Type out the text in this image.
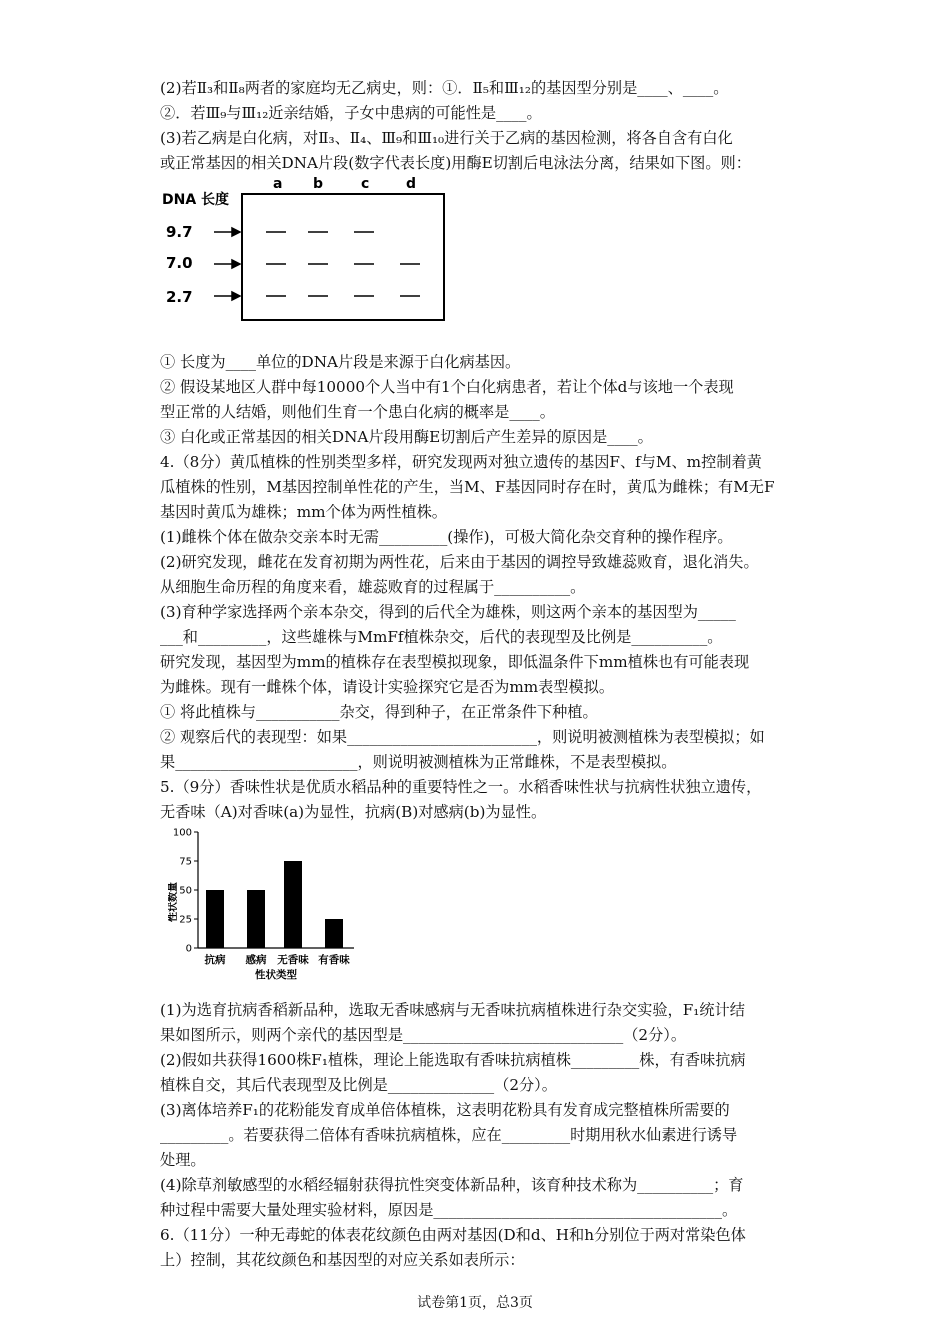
(2)若Ⅱ₃和Ⅱ₈两者的家庭均无乙病史，则：①．Ⅱ₅和Ⅲ₁₂的基因型分别是____、____。
②．若Ⅲ₉与Ⅲ₁₂近亲结婚，子女中患病的可能性是____。
(3)若乙病是白化病，对Ⅱ₃、Ⅱ₄、Ⅲ₉和Ⅲ₁₀进行关于乙病的基因检测，将各自含有白化
或正常基因的相关DNA片段(数字代表长度)用酶E切割后电泳法分离，结果如下图。则：
DNA 长度
a b	c	d
9.7
7.0
2.7
① 长度为____单位的DNA片段是来源于白化病基因。
② 假设某地区人群中每10000个人当中有1个白化病患者，若让个体d与该地一个表现
型正常的人结婚，则他们生育一个患白化病的概率是____。
③ 白化或正常基因的相关DNA片段用酶E切割后产生差异的原因是____。
4.（8分）黄瓜植株的性别类型多样，研究发现两对独立遗传的基因F、f与M、m控制着黄
瓜植株的性别，M基因控制单性花的产生，当M、F基因同时存在时，黄瓜为雌株；有M无F
基因时黄瓜为雄株；mm个体为两性植株。
(1)雌株个体在做杂交亲本时无需_________(操作)，可极大简化杂交育种的操作程序。
(2)研究发现，雌花在发育初期为两性花，后来由于基因的调控导致雄蕊败育，退化消失。
从细胞生命历程的角度来看，雄蕊败育的过程属于__________。
(3)育种学家选择两个亲本杂交，得到的后代全为雄株，则这两个亲本的基因型为_____
___和_________，这些雄株与MmFf植株杂交，后代的表现型及比例是__________。
研究发现，基因型为mm的植株存在表型模拟现象，即低温条件下mm植株也有可能表现
为雌株。现有一雌株个体，请设计实验探究它是否为mm表型模拟。
① 将此植株与___________杂交，得到种子，在正常条件下种植。
② 观察后代的表现型：如果_________________________，则说明被测植株为表型模拟；如
果________________________，则说明被测植株为正常雌株，不是表型模拟。
5.（9分）香味性状是优质水稻品种的重要特性之一。水稻香味性状与抗病性状独立遗传，
无香味（A)对香味(a)为显性，抗病(B)对感病(b)为显性。
性状数量
0
25
50
75
100
抗病 感病 无香味 有香味
性状类型
(1)为选育抗病香稻新品种，选取无香味感病与无香味抗病植株进行杂交实验，F₁统计结
果如图所示，则两个亲代的基因型是_____________________________（2分）。
(2)假如共获得1600株F₁植株，理论上能选取有香味抗病植株_________株，有香味抗病
植株自交，其后代表现型及比例是______________（2分）。
(3)离体培养F₁的花粉能发育成单倍体植株，这表明花粉具有发育成完整植株所需要的
_________。若要获得二倍体有香味抗病植株，应在_________时期用秋水仙素进行诱导
处理。
(4)除草剂敏感型的水稻经辐射获得抗性突变体新品种，该育种技术称为__________；育
种过程中需要大量处理实验材料，原因是______________________________________。
6.（11分）一种无毒蛇的体表花纹颜色由两对基因(D和d、H和h分别位于两对常染色体
上）控制，其花纹颜色和基因型的对应关系如表所示：
试卷第1页，总3页
